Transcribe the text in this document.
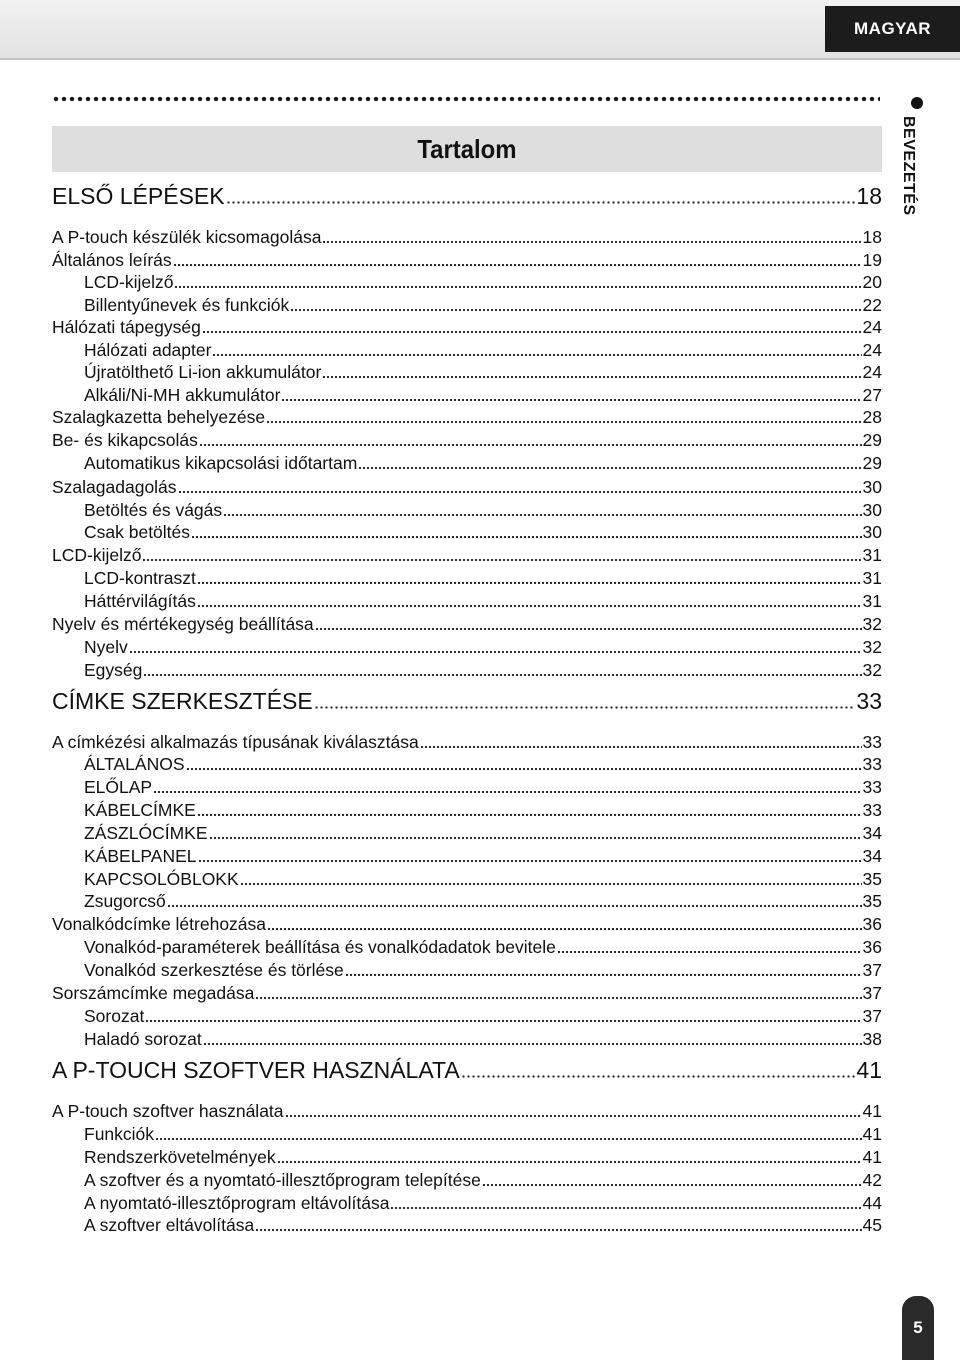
MAGYAR
BEVEZETÉS
Tartalom
ELSŐ LÉPÉSEK	18
A P-touch készülék kicsomagolása	18
Általános leírás	19
LCD-kijelző	20
Billentyűnevek és funkciók	22
Hálózati tápegység	24
Hálózati adapter	24
Újratölthető Li-ion akkumulátor	24
Alkáli/Ni-MH akkumulátor	27
Szalagkazetta behelyezése	28
Be- és kikapcsolás	29
Automatikus kikapcsolási időtartam	29
Szalagadagolás	30
Betöltés és vágás	30
Csak betöltés	30
LCD-kijelző	31
LCD-kontraszt	31
Háttérvilágítás	31
Nyelv és mértékegység beállítása	32
Nyelv	32
Egység	32
CÍMKE SZERKESZTÉSE	33
A címkézési alkalmazás típusának kiválasztása	33
ÁLTALÁNOS	33
ELŐLAP	33
KÁBELCÍMKE	33
ZÁSZLÓCÍMKE	34
KÁBELPANEL	34
KAPCSOLÓBLOKK	35
Zsugorcső	35
Vonalkódcímke létrehozása	36
Vonalkód-paraméterek beállítása és vonalkódadatok bevitele	36
Vonalkód szerkesztése és törlése	37
Sorszámcímke megadása	37
Sorozat	37
Haladó sorozat	38
A P-TOUCH SZOFTVER HASZNÁLATA	41
A P-touch szoftver használata	41
Funkciók	41
Rendszerkövetelmények	41
A szoftver és a nyomtató-illesztőprogram telepítése	42
A nyomtató-illesztőprogram eltávolítása	44
A szoftver eltávolítása	45
5
